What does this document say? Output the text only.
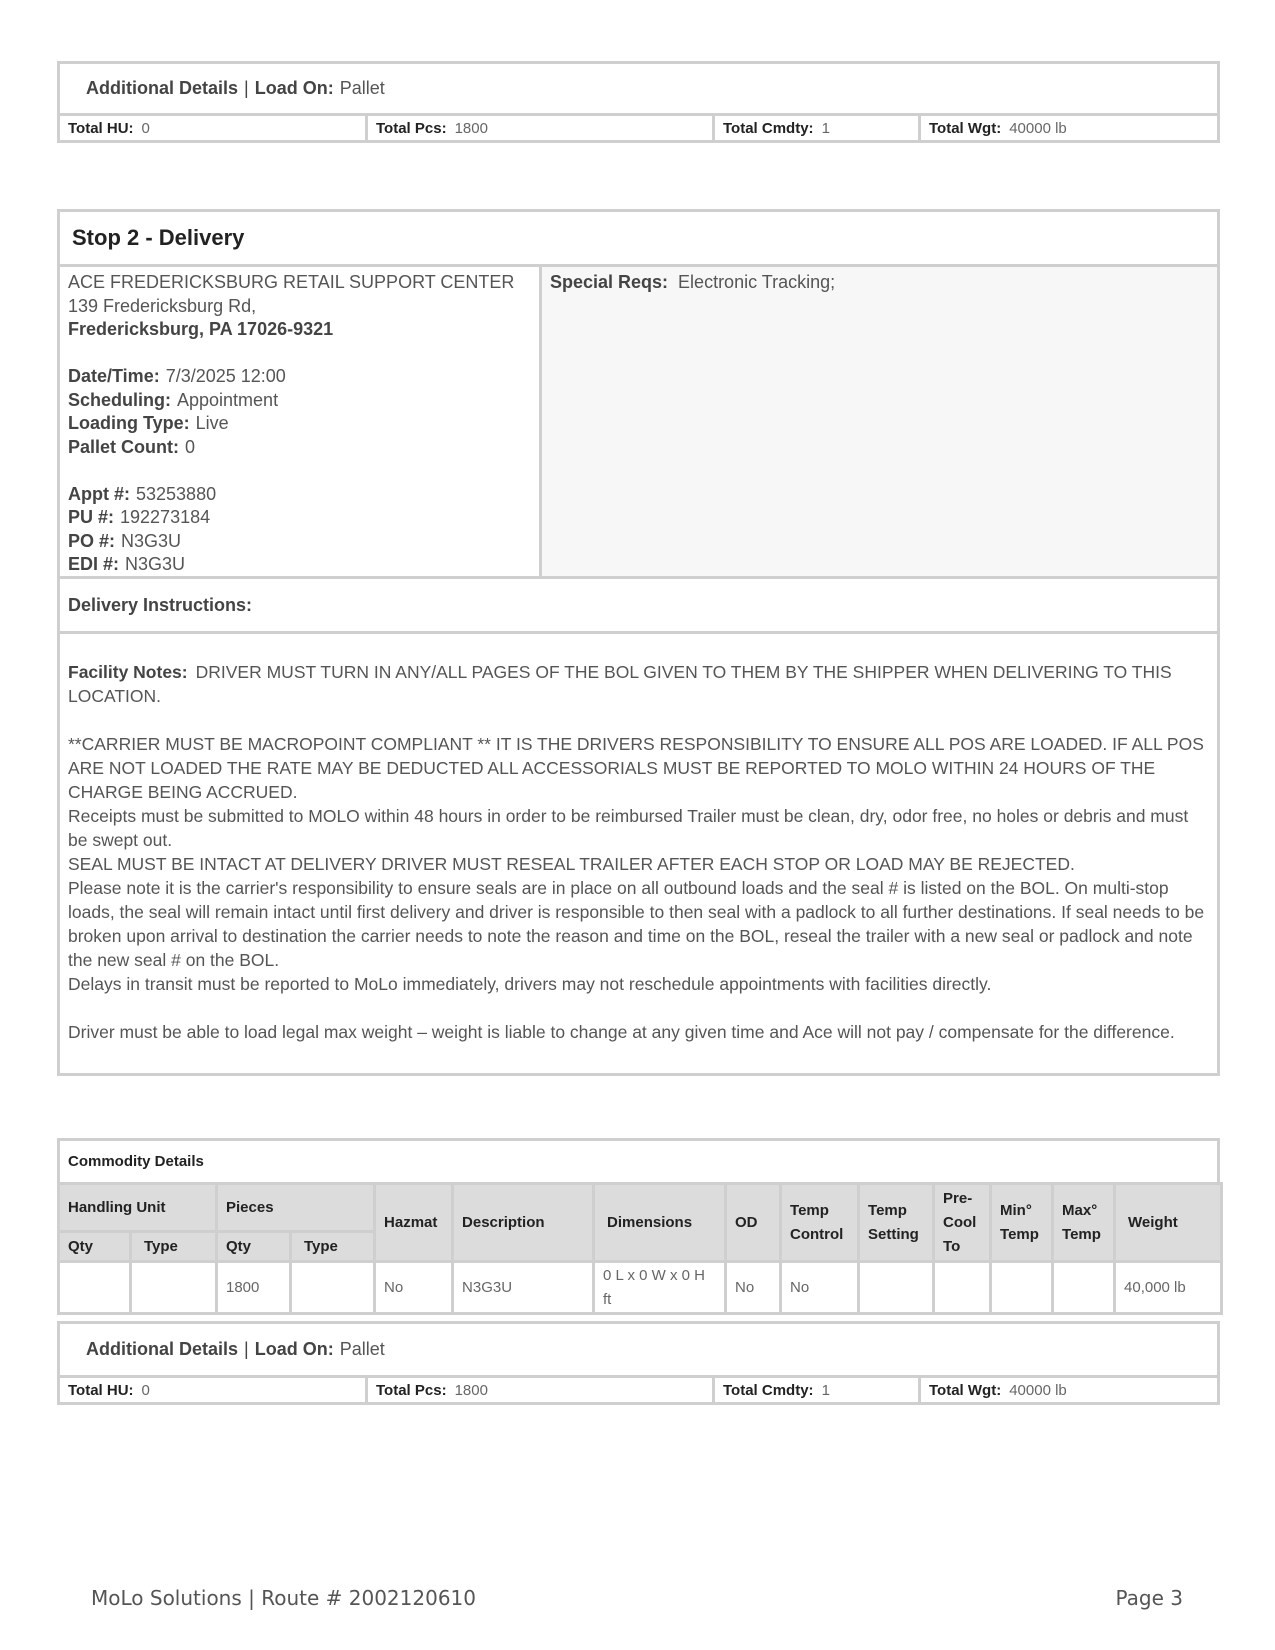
Additional Details | Load On: Pallet
Total HU: 0	Total Pcs: 1800	Total Cmdty: 1	Total Wgt: 40000 lb
Stop 2 - Delivery
ACE FREDERICKSBURG RETAIL SUPPORT CENTER
139 Fredericksburg Rd,
Fredericksburg, PA 17026-9321
Date/Time: 7/3/2025 12:00
Scheduling: Appointment
Loading Type: Live
Pallet Count: 0
Appt #: 53253880
PU #: 192273184
PO #: N3G3U
EDI #: N3G3U
Special Reqs: Electronic Tracking;
Delivery Instructions:

Facility Notes: DRIVER MUST TURN IN ANY/ALL PAGES OF THE BOL GIVEN TO THEM BY THE SHIPPER WHEN DELIVERING TO THIS LOCATION.

**CARRIER MUST BE MACROPOINT COMPLIANT ** IT IS THE DRIVERS RESPONSIBILITY TO ENSURE ALL POS ARE LOADED. IF ALL POS ARE NOT LOADED THE RATE MAY BE DEDUCTED ALL ACCESSORIALS MUST BE REPORTED TO MOLO WITHIN 24 HOURS OF THE CHARGE BEING ACCRUED.

Receipts must be submitted to MOLO within 48 hours in order to be reimbursed Trailer must be clean, dry, odor free, no holes or debris and must be swept out.

SEAL MUST BE INTACT AT DELIVERY DRIVER MUST RESEAL TRAILER AFTER EACH STOP OR LOAD MAY BE REJECTED.

Please note it is the carrier's responsibility to ensure seals are in place on all outbound loads and the seal # is listed on the BOL. On multi-stop loads, the seal will remain intact until first delivery and driver is responsible to then seal with a padlock to all further destinations. If seal needs to be broken upon arrival to destination the carrier needs to note the reason and time on the BOL, reseal the trailer with a new seal or padlock and note the new seal # on the BOL.

Delays in transit must be reported to MoLo immediately, drivers may not reschedule appointments with facilities directly.

Driver must be able to load legal max weight – weight is liable to change at any given time and Ace will not pay / compensate for the difference.

Commodity Details
Handling Unit		Pieces		Hazmat	Description	Dimensions	OD	Temp Control	Temp Setting	Pre-Cool To	Min° Temp	Max° Temp	Weight
Qty	Type	Qty	Type										
		1800		No	N3G3U	0 L x 0 W x 0 H ft	No	No					40,000 lb
Additional Details | Load On: Pallet
Total HU: 0	Total Pcs: 1800	Total Cmdty: 1	Total Wgt: 40000 lb
MoLo Solutions | Route # 2002120610	Page 3
